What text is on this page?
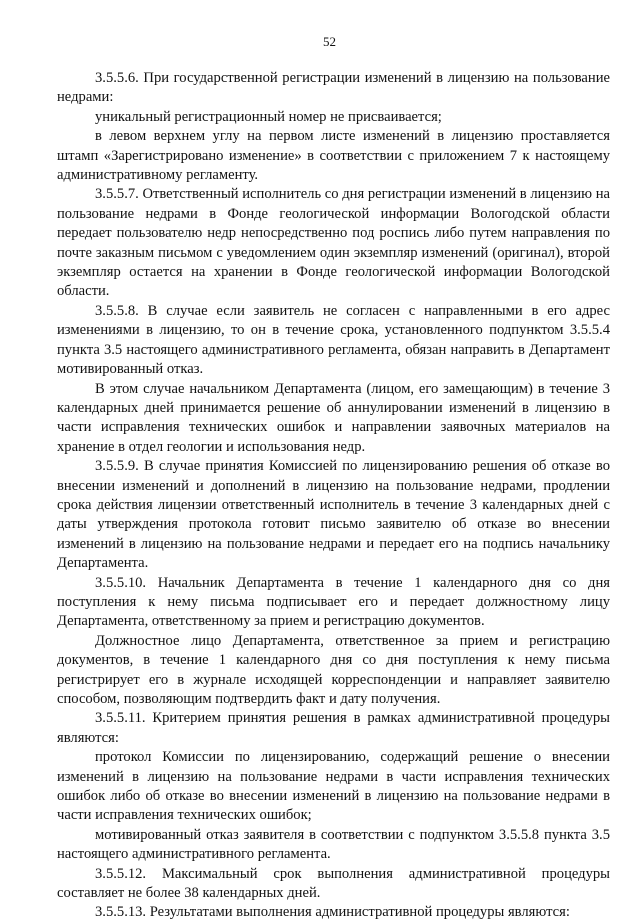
52

3.5.5.6. При государственной регистрации изменений в лицензию на пользование недрами:

уникальный регистрационный номер не присваивается;

в левом верхнем углу на первом листе изменений в лицензию проставляется штамп «Зарегистрировано изменение» в соответствии с приложением 7 к настоящему административному регламенту.

3.5.5.7. Ответственный исполнитель со дня регистрации изменений в лицензию на пользование недрами в Фонде геологической информации Вологодской области передает пользователю недр непосредственно под роспись либо путем направления по почте заказным письмом с уведомлением один экземпляр изменений (оригинал), второй экземпляр остается на хранении в Фонде геологической информации Вологодской области.

3.5.5.8. В случае если заявитель не согласен с направленными в его адрес изменениями в лицензию, то он в течение срока, установленного подпунктом 3.5.5.4 пункта 3.5 настоящего административного регламента, обязан направить в Департамент мотивированный отказ.

В этом случае начальником Департамента (лицом, его замещающим) в течение 3 календарных дней принимается решение об аннулировании изменений в лицензию в части исправления технических ошибок и направлении заявочных материалов на хранение в отдел геологии и использования недр.

3.5.5.9. В случае принятия Комиссией по лицензированию решения об отказе во внесении изменений и дополнений в лицензию на пользование недрами, продлении срока действия лицензии ответственный исполнитель в течение 3 календарных дней с даты утверждения протокола готовит письмо заявителю об отказе во внесении изменений в лицензию на пользование недрами и передает его на подпись начальнику Департамента.

3.5.5.10. Начальник Департамента в течение 1 календарного дня со дня поступления к нему письма подписывает его и передает должностному лицу Департамента, ответственному за прием и регистрацию документов.

Должностное лицо Департамента, ответственное за прием и регистрацию документов, в течение 1 календарного дня со дня поступления к нему письма регистрирует его в журнале исходящей корреспонденции и направляет заявителю способом, позволяющим подтвердить факт и дату получения.

3.5.5.11. Критерием принятия решения в рамках административной процедуры являются:

протокол Комиссии по лицензированию, содержащий решение о внесении изменений в лицензию на пользование недрами в части исправления технических ошибок либо об отказе во внесении изменений в лицензию на пользование недрами в части исправления технических ошибок;

мотивированный отказ заявителя в соответствии с подпунктом 3.5.5.8 пункта 3.5 настоящего административного регламента.

3.5.5.12. Максимальный срок выполнения административной процедуры составляет не более 38 календарных дней.

3.5.5.13. Результатами выполнения административной процедуры являются:
